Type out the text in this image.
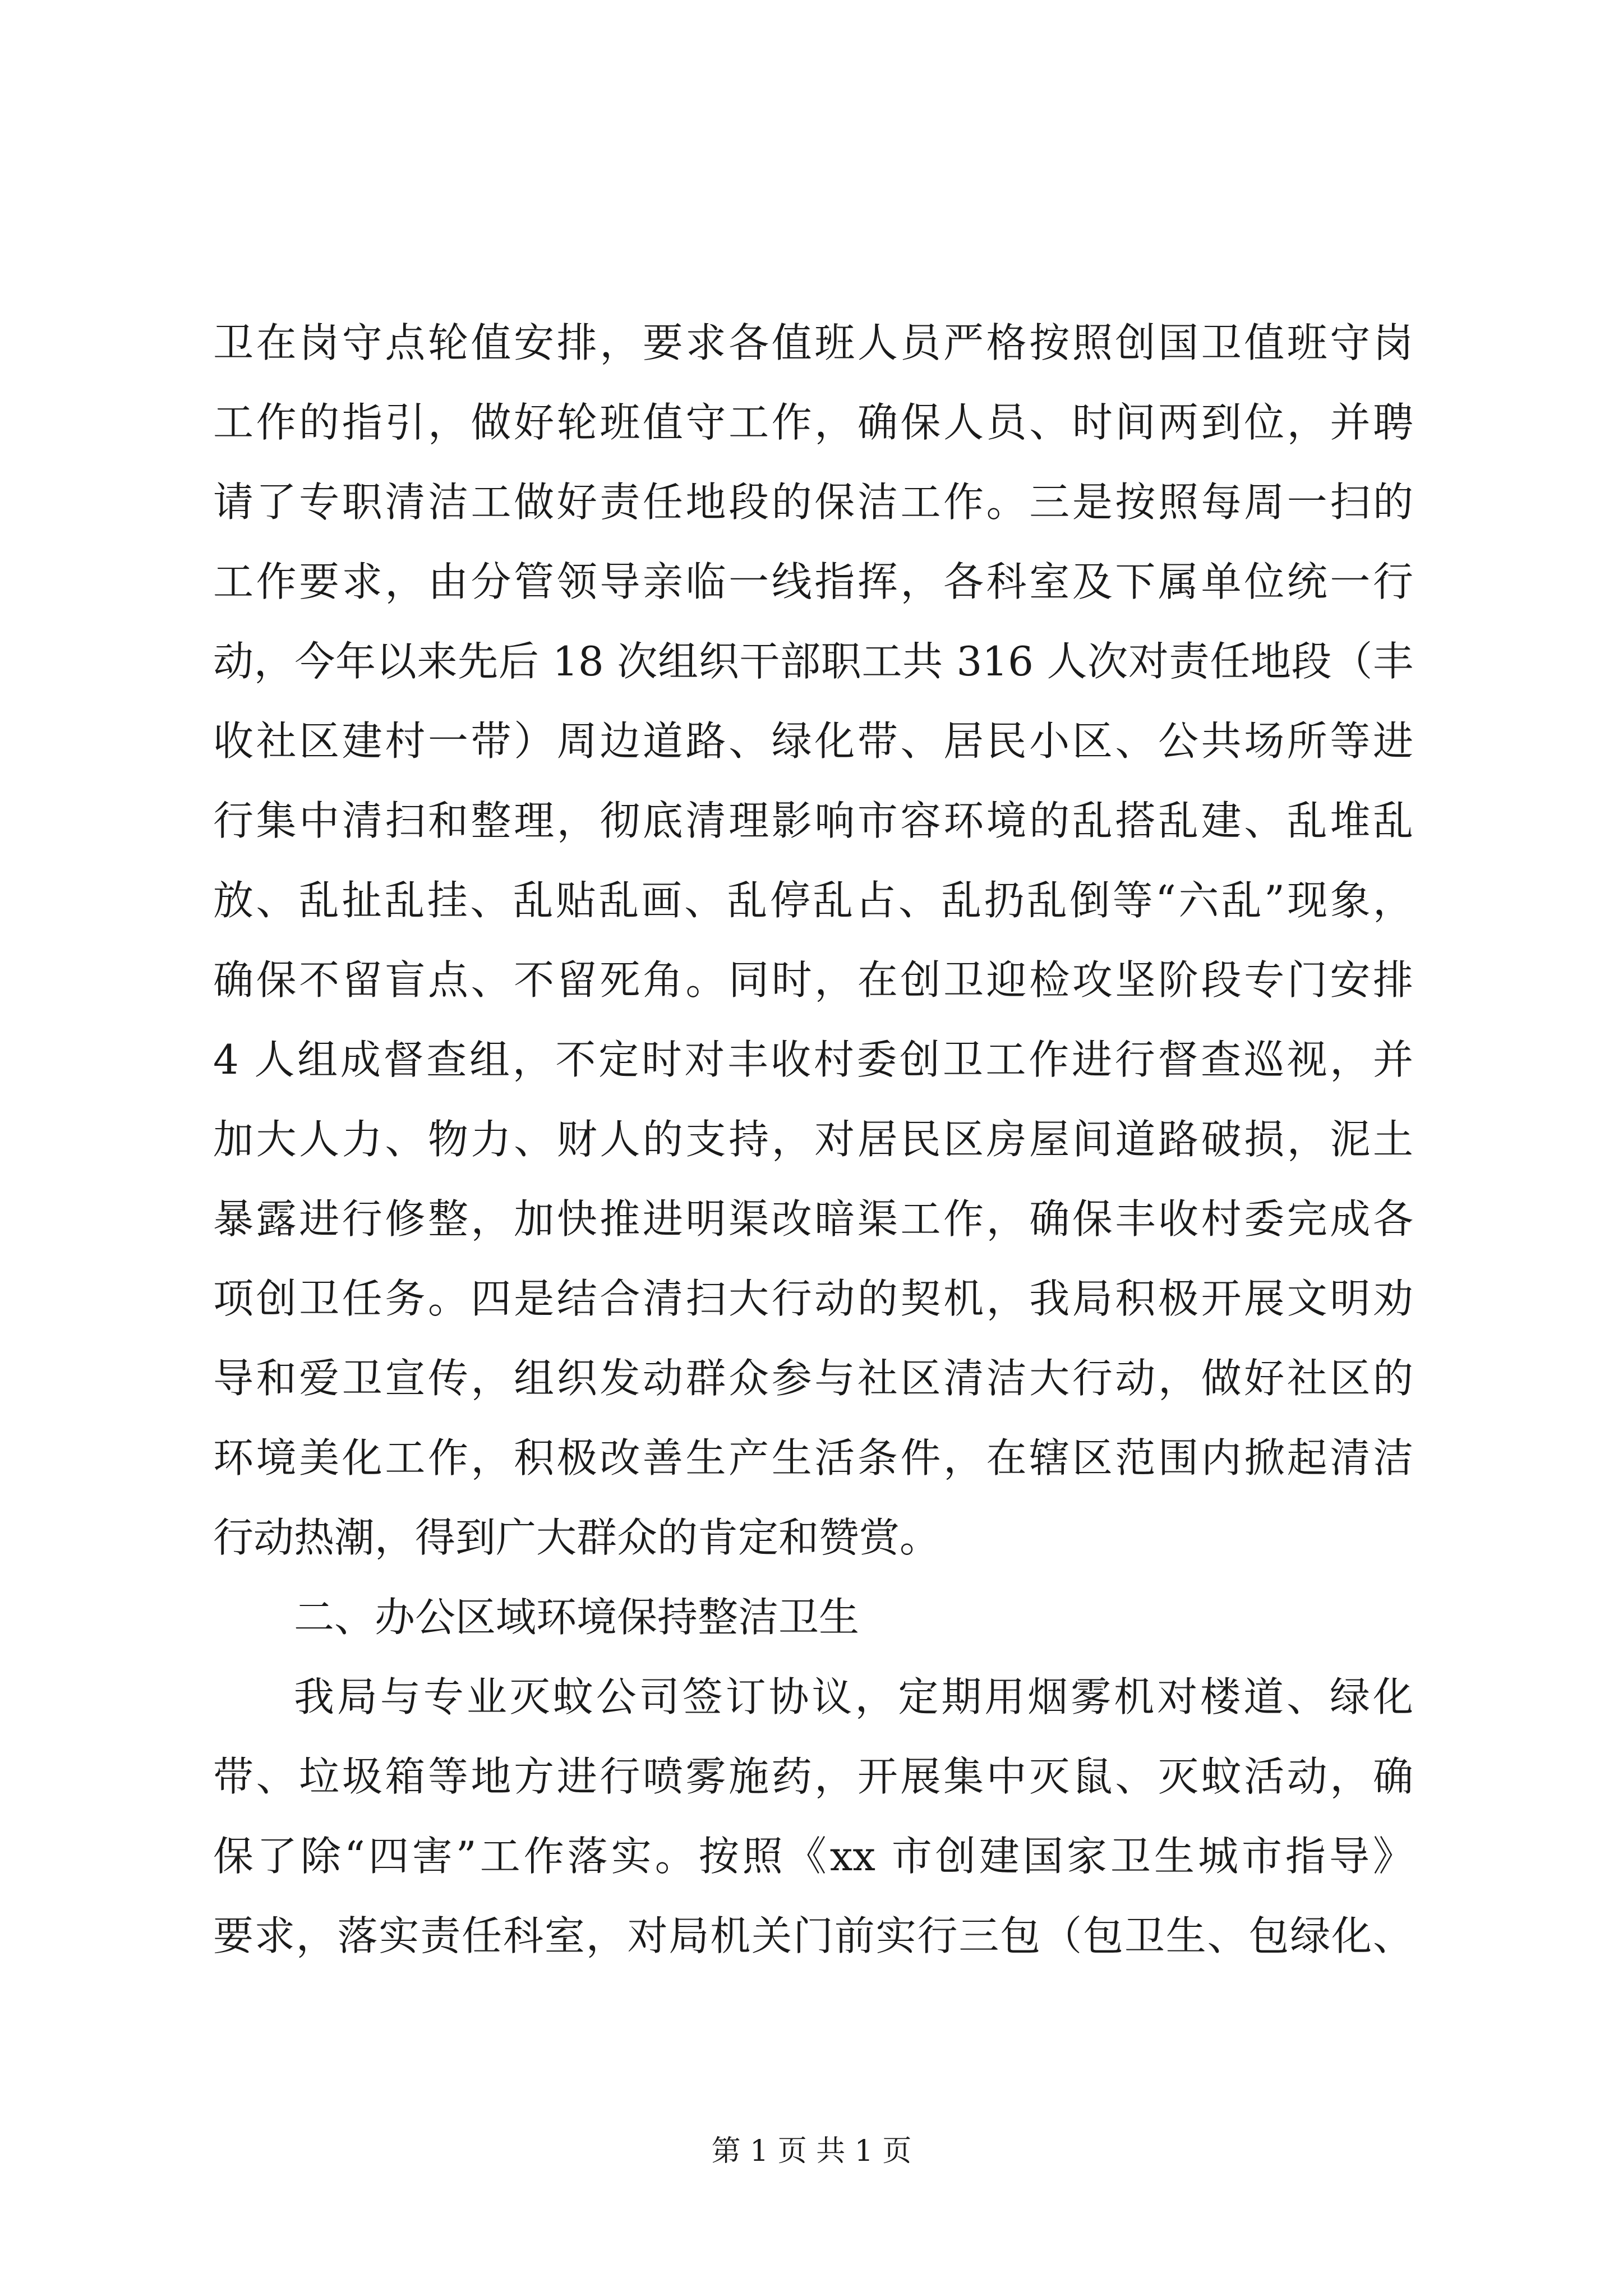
卫在岗守点轮值安排，要求各值班人员严格按照创国卫值班守岗
工作的指引，做好轮班值守工作，确保人员、时间两到位，并聘
请了专职清洁工做好责任地段的保洁工作。三是按照每周一扫的
工作要求，由分管领导亲临一线指挥，各科室及下属单位统一行
动，今年以来先后 18 次组织干部职工共 316 人次对责任地段（丰
收社区建村一带）周边道路、绿化带、居民小区、公共场所等进
行集中清扫和整理，彻底清理影响市容环境的乱搭乱建、乱堆乱
放、乱扯乱挂、乱贴乱画、乱停乱占、乱扔乱倒等“六乱”现象，
确保不留盲点、不留死角。同时，在创卫迎检攻坚阶段专门安排
4 人组成督查组，不定时对丰收村委创卫工作进行督查巡视，并
加大人力、物力、财人的支持，对居民区房屋间道路破损，泥土
暴露进行修整，加快推进明渠改暗渠工作，确保丰收村委完成各
项创卫任务。四是结合清扫大行动的契机，我局积极开展文明劝
导和爱卫宣传，组织发动群众参与社区清洁大行动，做好社区的
环境美化工作，积极改善生产生活条件，在辖区范围内掀起清洁
行动热潮，得到广大群众的肯定和赞赏。
二、办公区域环境保持整洁卫生
我局与专业灭蚊公司签订协议，定期用烟雾机对楼道、绿化
带、垃圾箱等地方进行喷雾施药，开展集中灭鼠、灭蚊活动，确
保了除“四害”工作落实。按照《xx 市创建国家卫生城市指导》
要求，落实责任科室，对局机关门前实行三包（包卫生、包绿化、
第 1 页 共 1 页
